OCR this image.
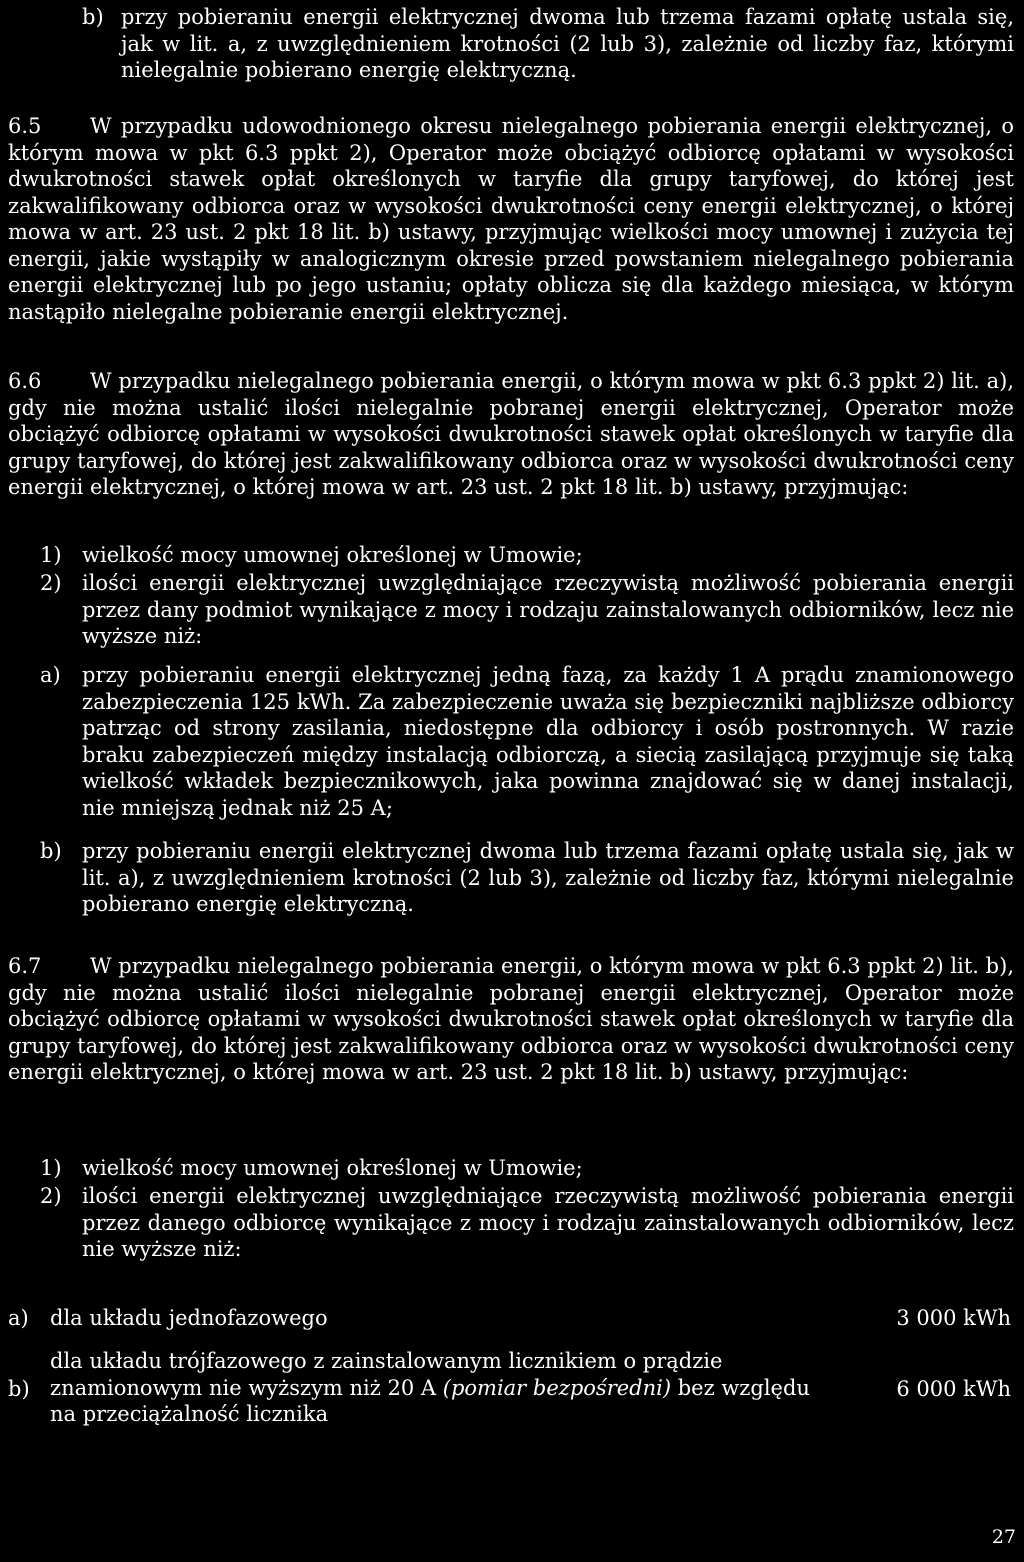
b) przy pobieraniu energii elektrycznej dwoma lub trzema fazami opłatę ustala się, jak w lit. a, z uwzględnieniem krotności (2 lub 3), zależnie od liczby faz, którymi nielegalnie pobierano energię elektryczną.

6.5 W przypadku udowodnionego okresu nielegalnego pobierania energii elektrycznej, o którym mowa w pkt 6.3 ppkt 2), Operator może obciążyć odbiorcę opłatami w wysokości dwukrotności stawek opłat określonych w taryfie dla grupy taryfowej, do której jest zakwalifikowany odbiorca oraz w wysokości dwukrotności ceny energii elektrycznej, o której mowa w art. 23 ust. 2 pkt 18 lit. b) ustawy, przyjmując wielkości mocy umownej i zużycia tej energii, jakie wystąpiły w analogicznym okresie przed powstaniem nielegalnego pobierania energii elektrycznej lub po jego ustaniu; opłaty oblicza się dla każdego miesiąca, w którym nastąpiło nielegalne pobieranie energii elektrycznej.

6.6 W przypadku nielegalnego pobierania energii, o którym mowa w pkt 6.3 ppkt 2) lit. a), gdy nie można ustalić ilości nielegalnie pobranej energii elektrycznej, Operator może obciążyć odbiorcę opłatami w wysokości dwukrotności stawek opłat określonych w taryfie dla grupy taryfowej, do której jest zakwalifikowany odbiorca oraz w wysokości dwukrotności ceny energii elektrycznej, o której mowa w art. 23 ust. 2 pkt 18 lit. b) ustawy, przyjmując:

1) wielkość mocy umownej określonej w Umowie;
2) ilości energii elektrycznej uwzględniające rzeczywistą możliwość pobierania energii przez dany podmiot wynikające z mocy i rodzaju zainstalowanych odbiorników, lecz nie wyższe niż:
a)	przy pobieraniu energii elektrycznej jedną fazą, za każdy 1 A prądu znamionowego zabezpieczenia 125 kWh. Za zabezpieczenie uważa się bezpieczniki najbliższe odbiorcy patrząc od strony zasilania, niedostępne dla odbiorcy i osób postronnych. W razie braku zabezpieczeń między instalacją odbiorczą, a siecią zasilającą przyjmuje się taką wielkość wkładek bezpiecznikowych, jaka powinna znajdować się w danej instalacji, nie mniejszą jednak niż 25 A;
b) przy pobieraniu energii elektrycznej dwoma lub trzema fazami opłatę ustala się, jak w lit. a), z uwzględnieniem krotności (2 lub 3), zależnie od liczby faz, którymi nielegalnie pobierano energię elektryczną.

6.7 W przypadku nielegalnego pobierania energii, o którym mowa w pkt 6.3 ppkt 2) lit. b), gdy nie można ustalić ilości nielegalnie pobranej energii elektrycznej, Operator może obciążyć odbiorcę opłatami w wysokości dwukrotności stawek opłat określonych w taryfie dla grupy taryfowej, do której jest zakwalifikowany odbiorca oraz w wysokości dwukrotności ceny energii elektrycznej, o której mowa w art. 23 ust. 2 pkt 18 lit. b) ustawy, przyjmując:

1) wielkość mocy umownej określonej w Umowie;
2) ilości energii elektrycznej uwzględniające rzeczywistą możliwość pobierania energii przez danego odbiorcę wynikające z mocy i rodzaju zainstalowanych odbiorników, lecz nie wyższe niż:
a) dla układu jednofazowego	3 000 kWh
b)
dla układu trójfazowego z zainstalowanym licznikiem o prądzie
znamionowym nie wyższym niż 20 A (pomiar bezpośredni) bez względu
na przeciążalność licznika
6 000 kWh
27
